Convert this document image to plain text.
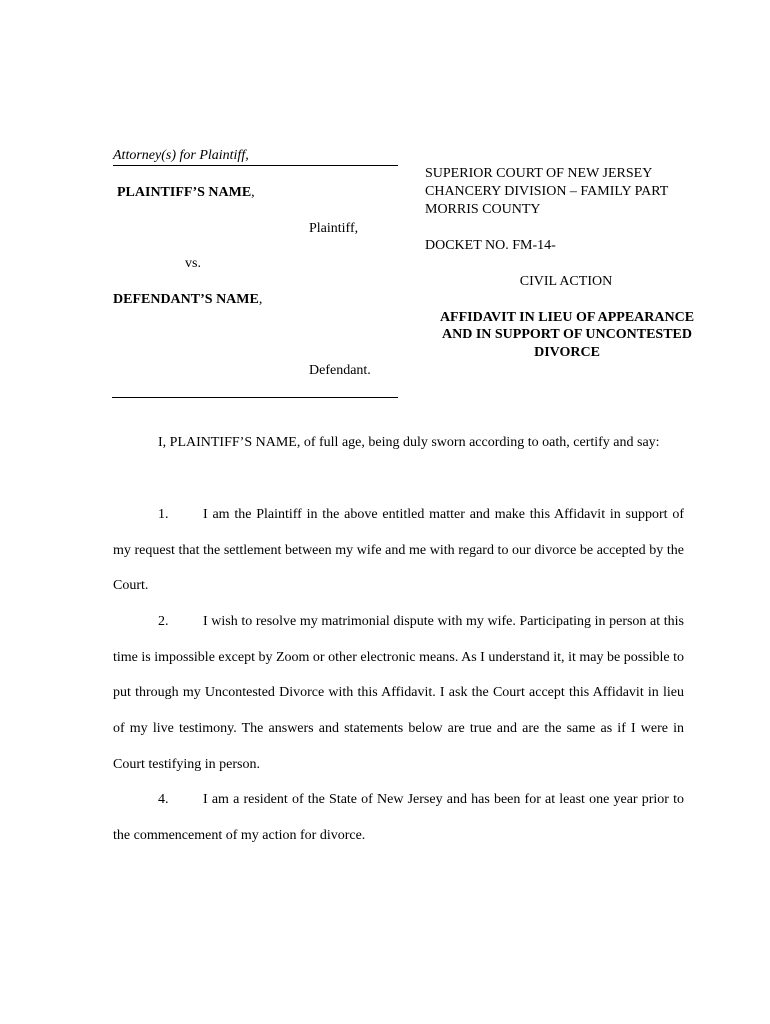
Attorney(s) for Plaintiff,
PLAINTIFF’S NAME,
Plaintiff,
vs.
DEFENDANT’S NAME,
Defendant.
SUPERIOR COURT OF NEW JERSEY
CHANCERY DIVISION – FAMILY PART
MORRIS COUNTY
DOCKET NO. FM-14-
CIVIL ACTION
AFFIDAVIT IN LIEU OF APPEARANCE
AND IN SUPPORT OF UNCONTESTED
DIVORCE
I, PLAINTIFF’S NAME, of full age, being duly sworn according to oath, certify and say:
1. I am the Plaintiff in the above entitled matter and make this Affidavit in support of my request that the settlement between my wife and me with regard to our divorce be accepted by the Court.
2. I wish to resolve my matrimonial dispute with my wife. Participating in person at this time is impossible except by Zoom or other electronic means. As I understand it, it may be possible to put through my Uncontested Divorce with this Affidavit. I ask the Court accept this Affidavit in lieu of my live testimony. The answers and statements below are true and are the same as if I were in Court testifying in person.
4. I am a resident of the State of New Jersey and has been for at least one year prior to the commencement of my action for divorce.
